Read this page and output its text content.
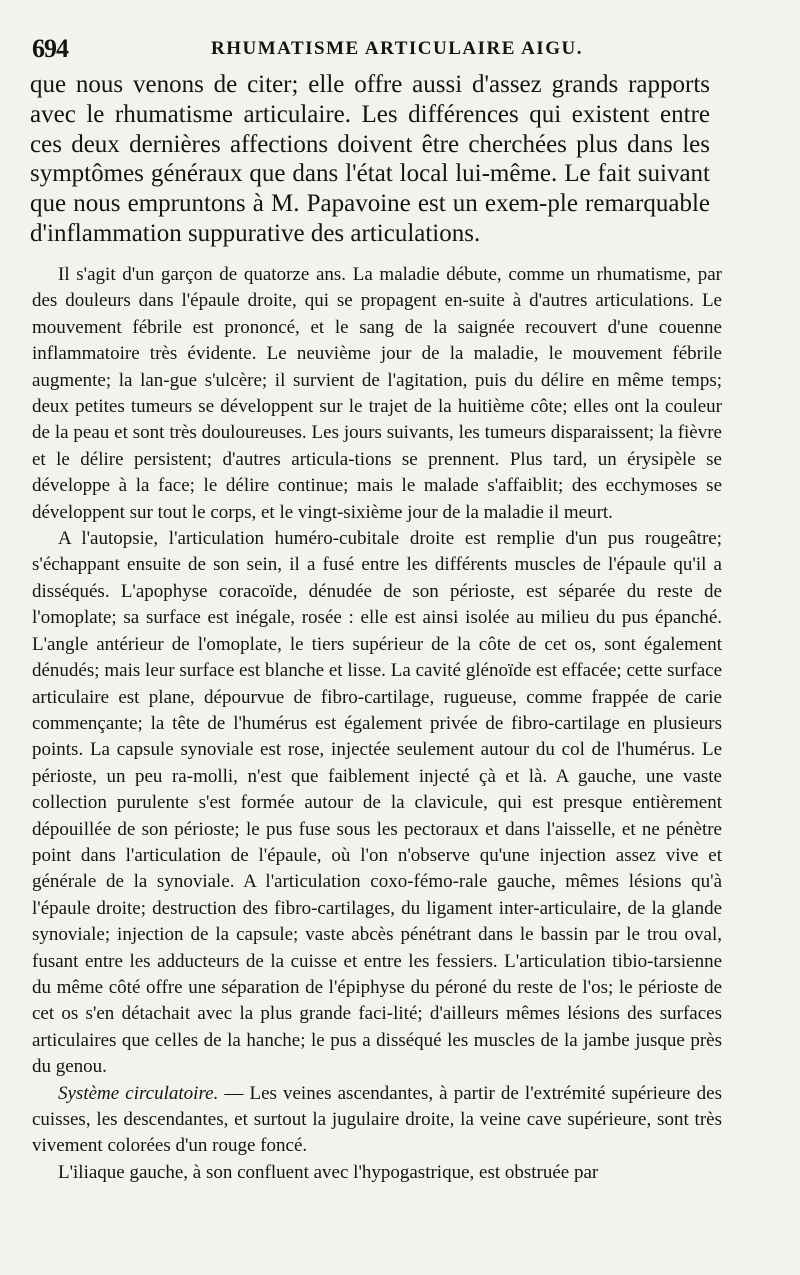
694	RHUMATISME ARTICULAIRE AIGU.
que nous venons de citer; elle offre aussi d'assez grands rapports avec le rhumatisme articulaire. Les différences qui existent entre ces deux dernières affections doivent être cherchées plus dans les symptômes généraux que dans l'état local lui-même. Le fait suivant que nous empruntons à M. Papavoine est un exem-ple remarquable d'inflammation suppurative des articulations.

Il s'agit d'un garçon de quatorze ans. La maladie débute, comme un rhumatisme, par des douleurs dans l'épaule droite, qui se propagent en-suite à d'autres articulations. Le mouvement fébrile est prononcé, et le sang de la saignée recouvert d'une couenne inflammatoire très évidente. Le neuvième jour de la maladie, le mouvement fébrile augmente; la lan-gue s'ulcère; il survient de l'agitation, puis du délire en même temps; deux petites tumeurs se développent sur le trajet de la huitième côte; elles ont la couleur de la peau et sont très douloureuses. Les jours suivants, les tumeurs disparaissent; la fièvre et le délire persistent; d'autres articula-tions se prennent. Plus tard, un érysipèle se développe à la face; le délire continue; mais le malade s'affaiblit; des ecchymoses se développent sur tout le corps, et le vingt-sixième jour de la maladie il meurt.

A l'autopsie, l'articulation huméro-cubitale droite est remplie d'un pus rougeâtre; s'échappant ensuite de son sein, il a fusé entre les différents muscles de l'épaule qu'il a disséqués. L'apophyse coracoïde, dénudée de son périoste, est séparée du reste de l'omoplate; sa surface est inégale, rosée : elle est ainsi isolée au milieu du pus épanché. L'angle antérieur de l'omoplate, le tiers supérieur de la côte de cet os, sont également dénudés; mais leur surface est blanche et lisse. La cavité glénoïde est effacée; cette surface articulaire est plane, dépourvue de fibro-cartilage, rugueuse, comme frappée de carie commençante; la tête de l'humérus est également privée de fibro-cartilage en plusieurs points. La capsule synoviale est rose, injectée seulement autour du col de l'humérus. Le périoste, un peu ra-molli, n'est que faiblement injecté çà et là. A gauche, une vaste collection purulente s'est formée autour de la clavicule, qui est presque entièrement dépouillée de son périoste; le pus fuse sous les pectoraux et dans l'aisselle, et ne pénètre point dans l'articulation de l'épaule, où l'on n'observe qu'une injection assez vive et générale de la synoviale. A l'articulation coxo-fémo-rale gauche, mêmes lésions qu'à l'épaule droite; destruction des fibro-cartilages, du ligament inter-articulaire, de la glande synoviale; injection de la capsule; vaste abcès pénétrant dans le bassin par le trou oval, fusant entre les adducteurs de la cuisse et entre les fessiers. L'articulation tibio-tarsienne du même côté offre une séparation de l'épiphyse du péroné du reste de l'os; le périoste de cet os s'en détachait avec la plus grande faci-lité; d'ailleurs mêmes lésions des surfaces articulaires que celles de la hanche; le pus a disséqué les muscles de la jambe jusque près du genou.

Système circulatoire. — Les veines ascendantes, à partir de l'extrémité supérieure des cuisses, les descendantes, et surtout la jugulaire droite, la veine cave supérieure, sont très vivement colorées d'un rouge foncé.

L'iliaque gauche, à son confluent avec l'hypogastrique, est obstruée par
